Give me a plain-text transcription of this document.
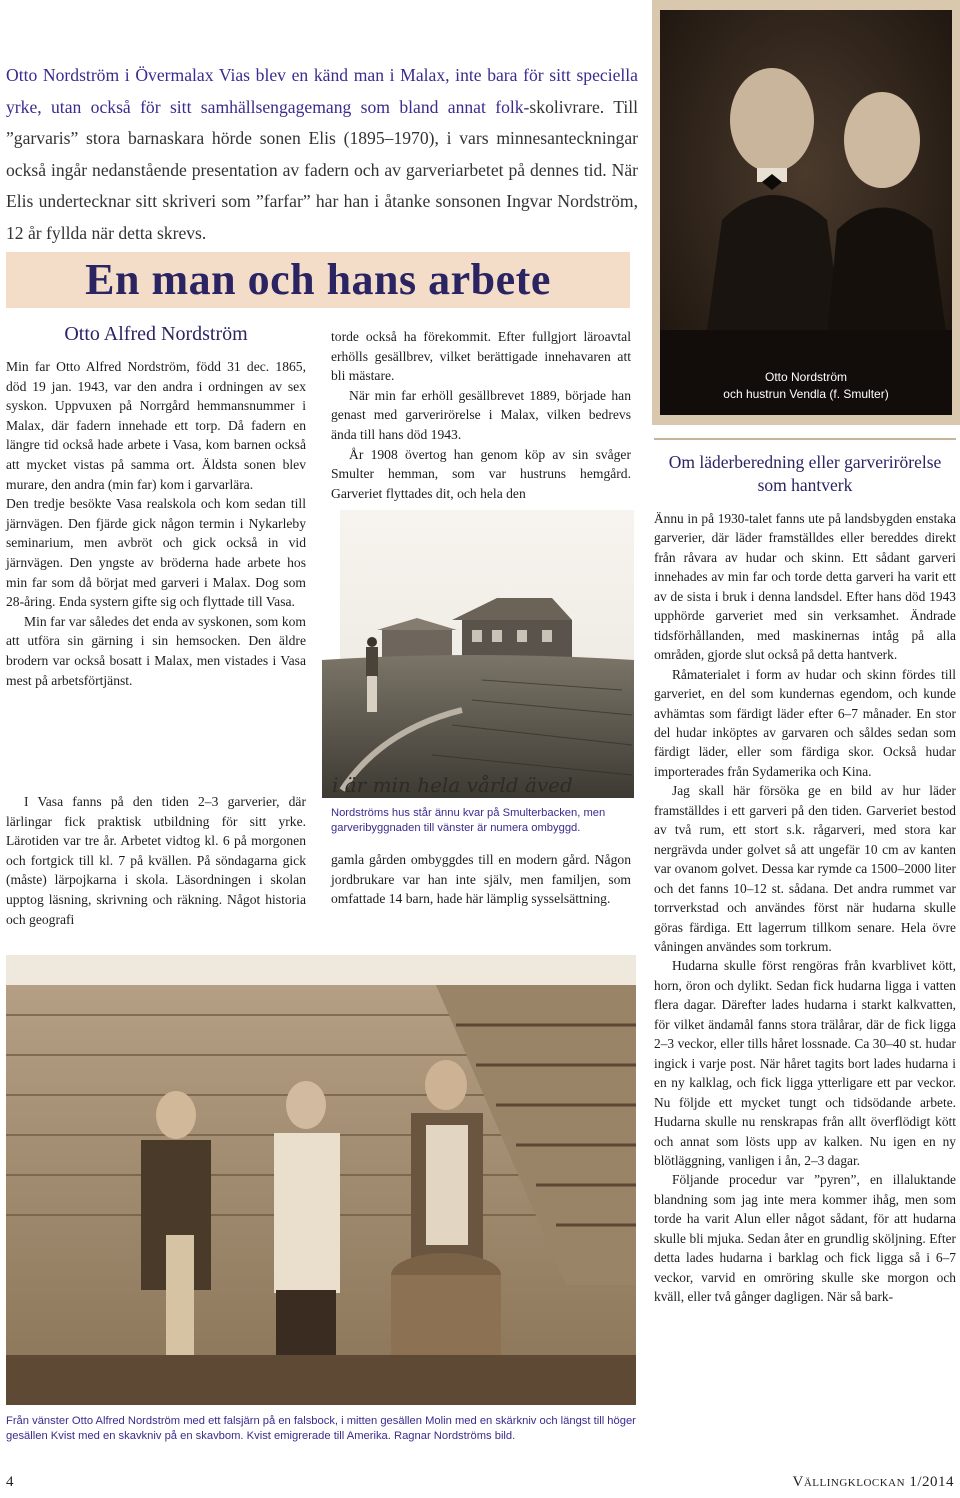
Otto Nordström i Övermalax Vias blev en känd man i Malax, inte bara för sitt speciella yrke, utan också för sitt samhällsengagemang som bland annat folk-skolivrare. Till ”garvaris” stora barnaskara hörde sonen Elis (1895–1970), i vars minnesanteckningar också ingår nedanstående presentation av fadern och av garveriarbetet på dennes tid. När Elis undertecknar sitt skriveri som ”farfar” har han i åtanke sonsonen Ingvar Nordström, 12 år fyllda när detta skrevs.
En man och hans arbete
Otto Alfred Nordström

Min far Otto Alfred Nordström, född 31 dec. 1865, död 19 jan. 1943, var den andra i ordningen av sex syskon. Uppvuxen på Norrgård hemmansnummer i Malax, där fadern innehade ett torp. Då fadern en längre tid också hade arbete i Vasa, kom barnen också att mycket vistas på samma ort. Äldsta sonen blev murare, den andra (min far) kom i garvarlära.

Den tredje besökte Vasa realskola och kom sedan till järnvägen. Den fjärde gick någon termin i Nykarleby seminarium, men avbröt och gick också in vid järnvägen. Den yngste av bröderna hade arbete hos min far som då börjat med garveri i Malax. Dog som 28-åring. Enda systern gifte sig och flyttade till Vasa.

Min far var således det enda av syskonen, som kom att utföra sin gärning i sin hemsocken. Den äldre brodern var också bosatt i Malax, men vistades i Vasa mest på arbetsförtjänst.

I Vasa fanns på den tiden 2–3 garverier, där lärlingar fick praktisk utbildning för sitt yrke. Lärotiden var tre år. Arbetet vidtog kl. 6 på morgonen och fortgick till kl. 7 på kvällen. På söndagarna gick (måste) lärpojkarna i skola. Läsordningen i skolan upptog läsning, skrivning och räkning. Något historia och geografi

torde också ha förekommit. Efter fullgjort läroavtal erhölls gesällbrev, vilket berättigade innehavaren att bli mästare.

När min far erhöll gesällbrevet 1889, började han genast med garverirörelse i Malax, vilken bedrevs ända till hans död 1943.

År 1908 övertog han genom köp av sin svåger Smulter hemman, som var hustruns hemgård. Garveriet flyttades dit, och hela den

i är min hela vårld äved
Nordströms hus står ännu kvar på Smulterbacken, men garveribyggnaden till vänster är numera ombyggd.

gamla gården ombyggdes till en modern gård. Någon jordbrukare var han inte själv, men familjen, som omfattade 14 barn, hade här lämplig sysselsättning.

Otto Nordström
och hustrun Vendla (f. Smulter)
Om läderberedning eller garverirörelse som hantverk

Ännu in på 1930-talet fanns ute på landsbygden enstaka garverier, där läder framställdes eller bereddes direkt från råvara av hudar och skinn. Ett sådant garveri innehades av min far och torde detta garveri ha varit ett av de sista i bruk i denna landsdel. Efter hans död 1943 upphörde garveriet med sin verksamhet. Ändrade tidsförhållanden, med maskinernas intåg på alla områden, gjorde slut också på detta hantverk.

Råmaterialet i form av hudar och skinn fördes till garveriet, en del som kundernas egendom, och kunde avhämtas som färdigt läder efter 6–7 månader. En stor del hudar inköptes av garvaren och såldes sedan som färdigt läder, eller som färdiga skor. Också hudar importerades från Sydamerika och Kina.

Jag skall här försöka ge en bild av hur läder framställdes i ett garveri på den tiden. Garveriet bestod av två rum, ett stort s.k. rågarveri, med stora kar nergrävda under golvet så att ungefär 10 cm av kanten var ovanom golvet. Dessa kar rymde ca 1500–2000 liter och det fanns 10–12 st. sådana. Det andra rummet var torrverkstad och användes först när hudarna skulle göras färdiga. Ett lagerrum tillkom senare. Hela övre våningen användes som torkrum.

Hudarna skulle först rengöras från kvarblivet kött, horn, öron och dylikt. Sedan fick hudarna ligga i vatten flera dagar. Därefter lades hudarna i starkt kalkvatten, för vilket ändamål fanns stora trälårar, där de fick ligga 2–3 veckor, eller tills håret lossnade. Ca 30–40 st. hudar ingick i varje post. När håret tagits bort lades hudarna i en ny kalklag, och fick ligga ytterligare ett par veckor. Nu följde ett mycket tungt och tidsödande arbete. Hudarna skulle nu renskrapas från allt överflödigt kött och annat som lösts upp av kalken. Nu igen en ny blötläggning, vanligen i ån, 2–3 dagar.

Följande procedur var ”pyren”, en illaluktande blandning som jag inte mera kommer ihåg, men som torde ha varit Alun eller något sådant, för att hudarna skulle bli mjuka. Sedan åter en grundlig sköljning. Efter detta lades hudarna i barklag och fick ligga så i 6–7 veckor, varvid en omröring skulle ske morgon och kväll, eller två gånger dagligen. När så bark-

Från vänster Otto Alfred Nordström med ett falsjärn på en falsbock, i mitten gesällen Molin med en skärkniv och längst till höger gesällen Kvist med en skavkniv på en skavbom. Kvist emigrerade till Amerika. Ragnar Nordströms bild.
4	Vällingklockan 1/2014
